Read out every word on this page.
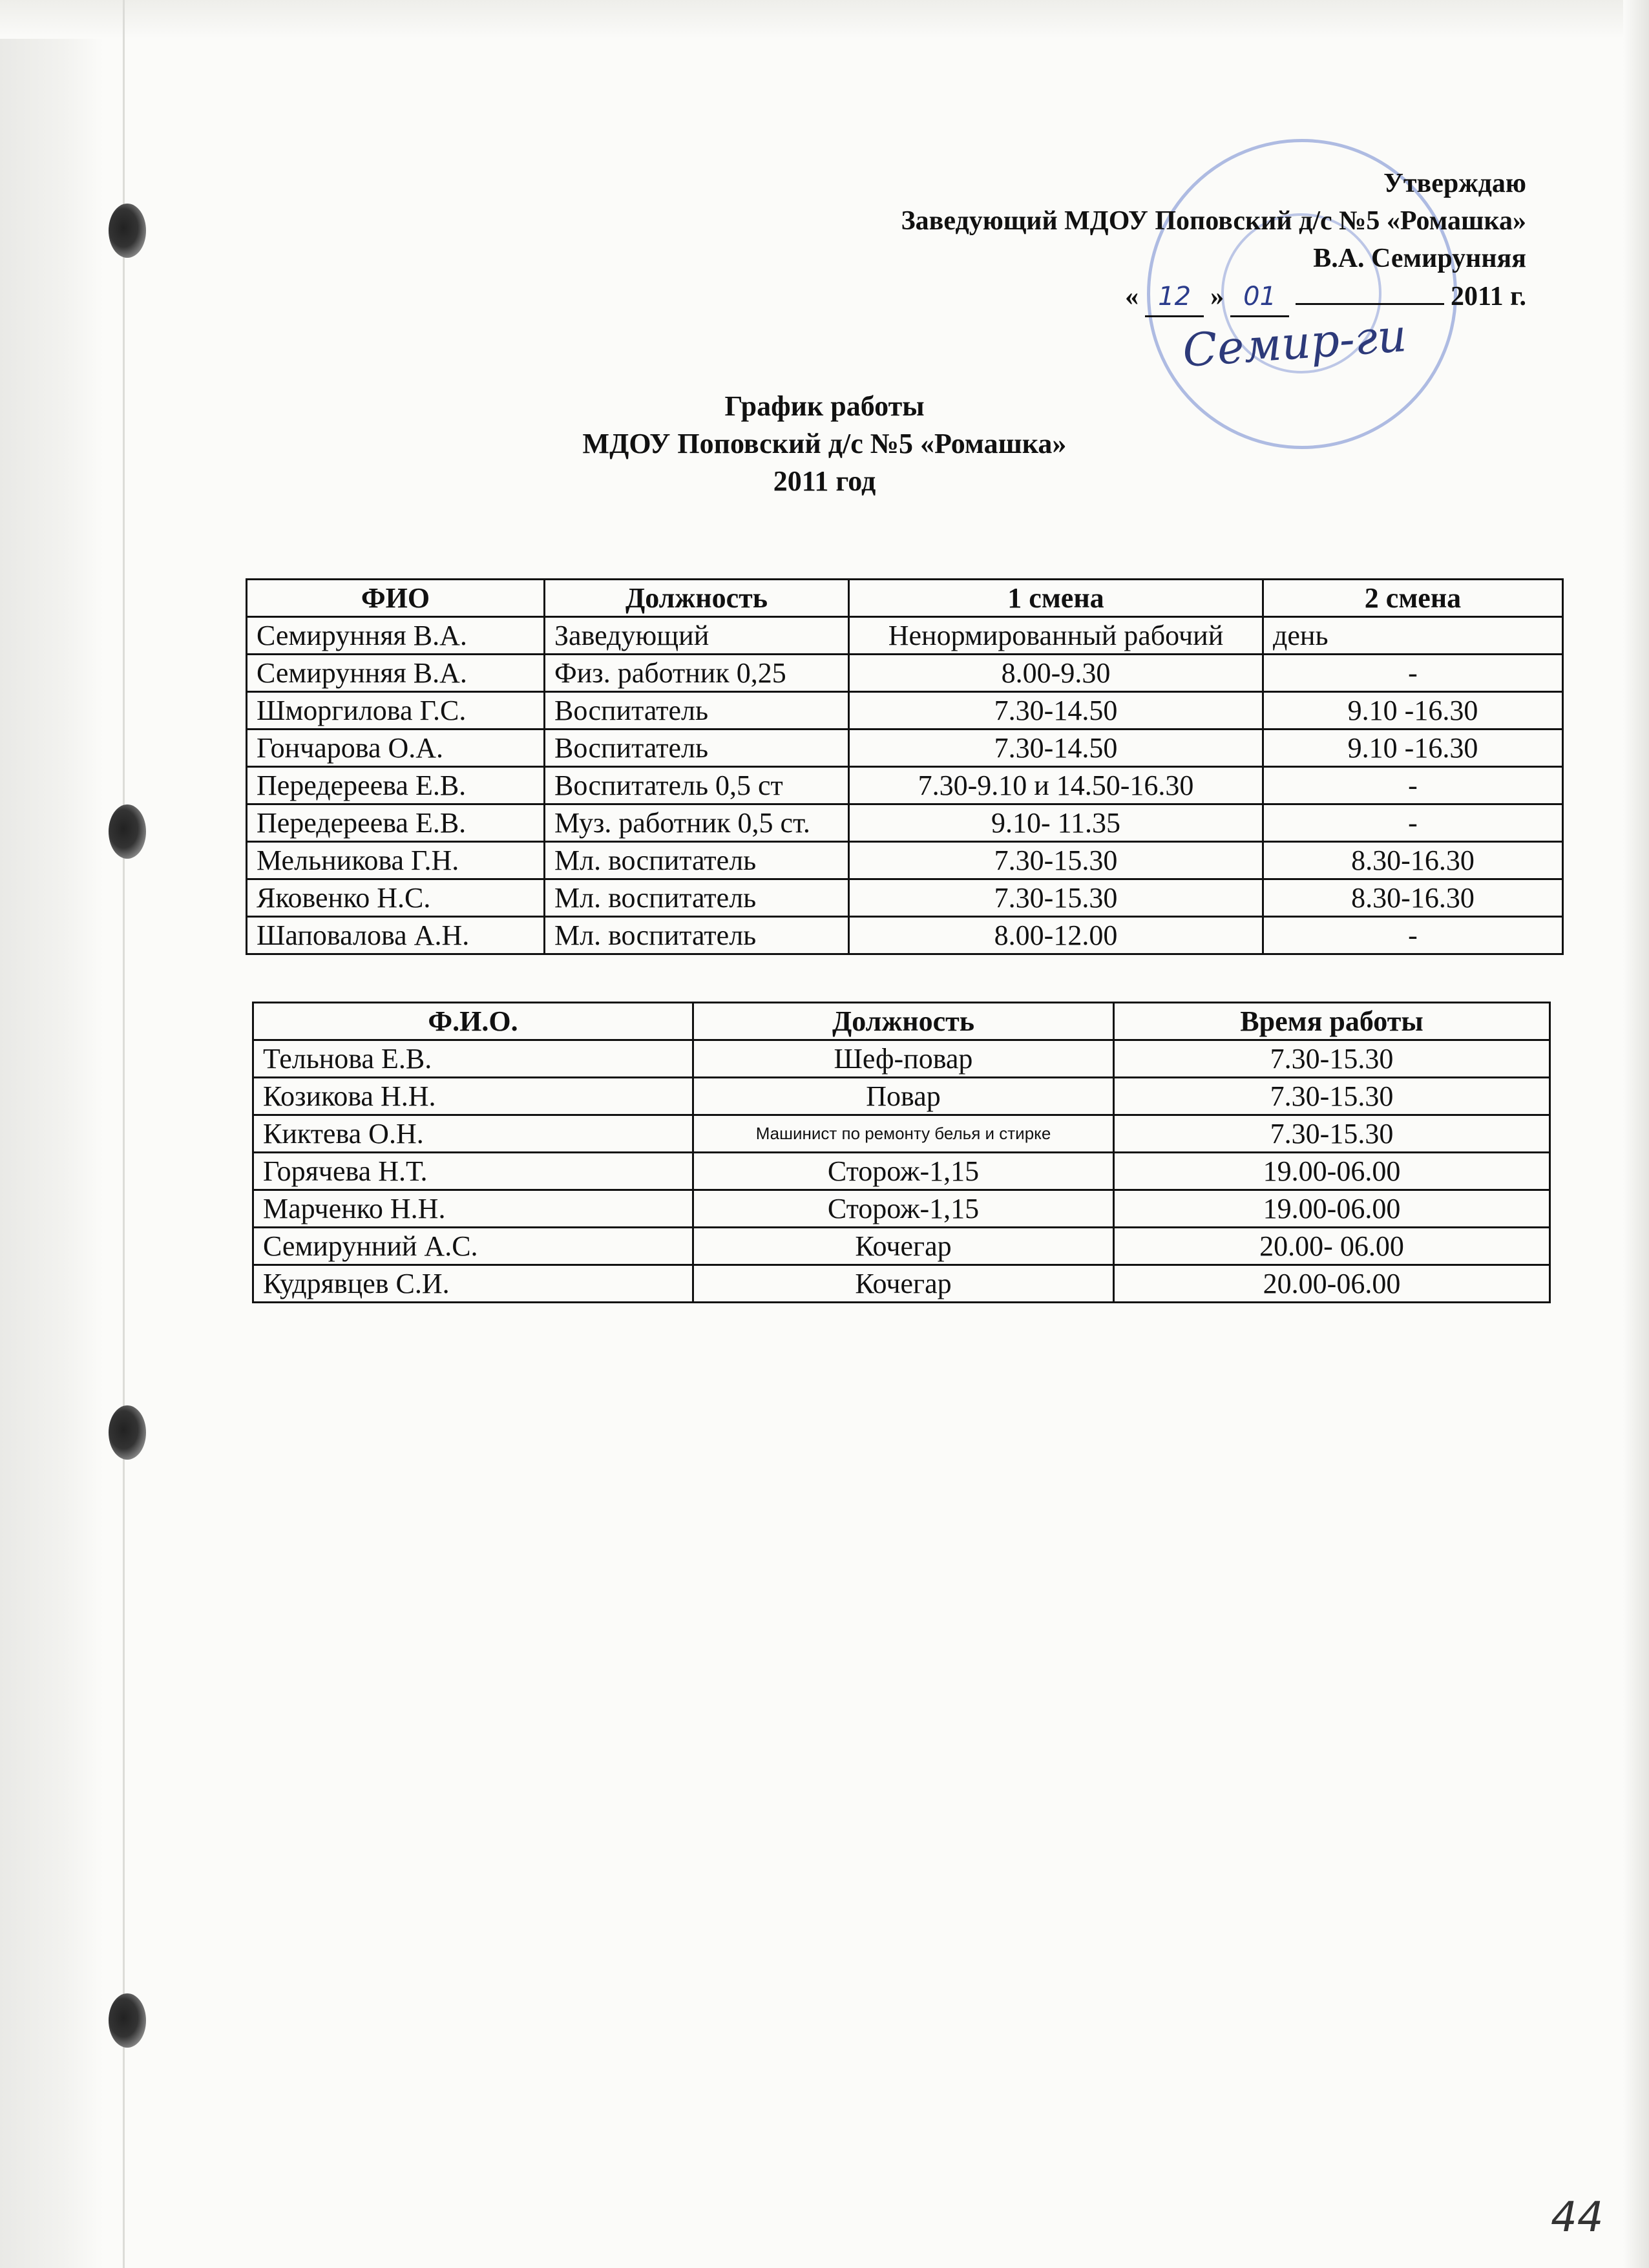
Утверждаю
Заведующий МДОУ Поповский д/с №5 «Ромашка»
В.А. Семирунняя
« 12 » 01	2011 г.
Семир-ги
График работы
МДОУ Поповский д/с №5 «Ромашка»
2011 год
ФИО	Должность	1 смена	2 смена
Семирунняя В.А.	Заведующий	Ненормированный рабочий	день
Семирунняя В.А.	Физ. работник 0,25	8.00-9.30	-
Шморгилова Г.С.	Воспитатель	7.30-14.50	9.10 -16.30
Гончарова О.А.	Воспитатель	7.30-14.50	9.10 -16.30
Передереева Е.В.	Воспитатель 0,5 ст	7.30-9.10 и 14.50-16.30	-
Передереева Е.В.	Муз. работник 0,5 ст.	9.10- 11.35	-
Мельникова Г.Н.	Мл. воспитатель	7.30-15.30	8.30-16.30
Яковенко Н.С.	Мл. воспитатель	7.30-15.30	8.30-16.30
Шаповалова А.Н.	Мл. воспитатель	8.00-12.00	-
Ф.И.О.	Должность	Время работы
Тельнова Е.В.	Шеф-повар	7.30-15.30
Козикова Н.Н.	Повар	7.30-15.30
Киктева О.Н.	Машинист по ремонту белья и стирке	7.30-15.30
Горячева Н.Т.	Сторож-1,15	19.00-06.00
Марченко Н.Н.	Сторож-1,15	19.00-06.00
Семирунний А.С.	Кочегар	20.00- 06.00
Кудрявцев С.И.	Кочегар	20.00-06.00
44
